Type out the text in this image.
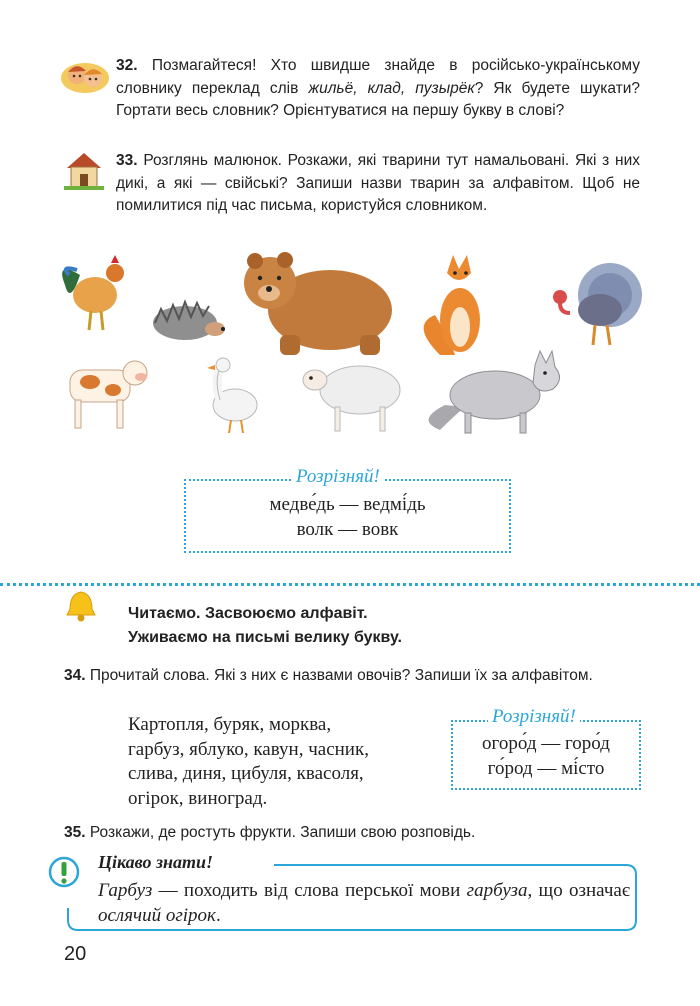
32. Позмагайтеся! Хто швидше знайде в російсько-українському словнику переклад слів жильё, клад, пузырёк? Як будете шукати? Гортати весь словник? Орієнтуватися на першу букву в слові?
33. Розглянь малюнок. Розкажи, які тварини тут намальовані. Які з них дикі, а які — свійські? Запиши назви тварин за алфавітом. Щоб не помилитися під час письма, користуйся словником.
Розрізняй!
медве́дь — ведмі́дь
волк — вовк
Читаємо. Засвоюємо алфавіт.
Уживаємо на письмі велику букву.
34. Прочитай слова. Які з них є назвами овочів? Запиши їх за алфавітом.
Картопля, буряк, морква,
гарбуз, яблуко, кавун, часник,
слива, диня, цибуля, квасоля,
огірок, виноград.
Розрізняй!
огоро́д — горо́д
го́род — мі́сто
35. Розкажи, де ростуть фрукти. Запиши свою розповідь.
Цікаво знати!
Гарбуз — походить від слова перської мови гарбуза, що означає ослячий огірок.
20
